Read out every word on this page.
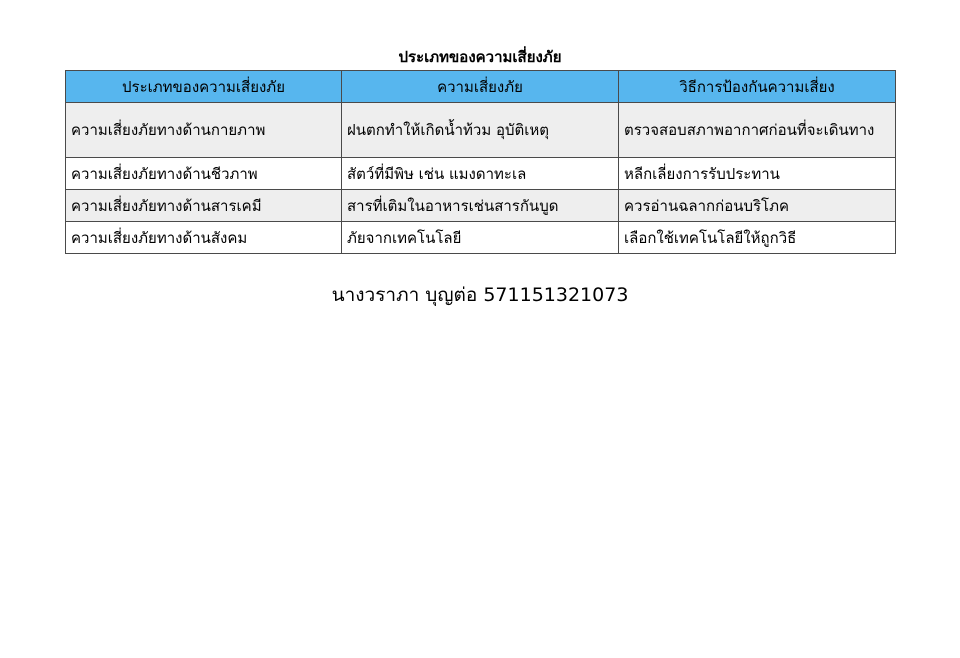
ประเภทของความเสี่ยงภัย
ประเภทของความเสี่ยงภัย	ความเสี่ยงภัย	วิธีการป้องกันความเสี่ยง
ความเสี่ยงภัยทางด้านกายภาพ	ฝนตกทำให้เกิดน้ำท้วม อุบัติเหตุ	ตรวจสอบสภาพอากาศก่อนที่จะเดินทาง
ความเสี่ยงภัยทางด้านชีวภาพ	สัตว์ที่มีพิษ เช่น แมงดาทะเล	หลีกเลี่ยงการรับประทาน
ความเสี่ยงภัยทางด้านสารเคมี	สารที่เติมในอาหารเช่นสารกันบูด	ควรอ่านฉลากก่อนบริโภค
ความเสี่ยงภัยทางด้านสังคม	ภัยจากเทคโนโลยี	เลือกใช้เทคโนโลยีให้ถูกวิธี
นางวราภา บุญต่อ 571151321073
